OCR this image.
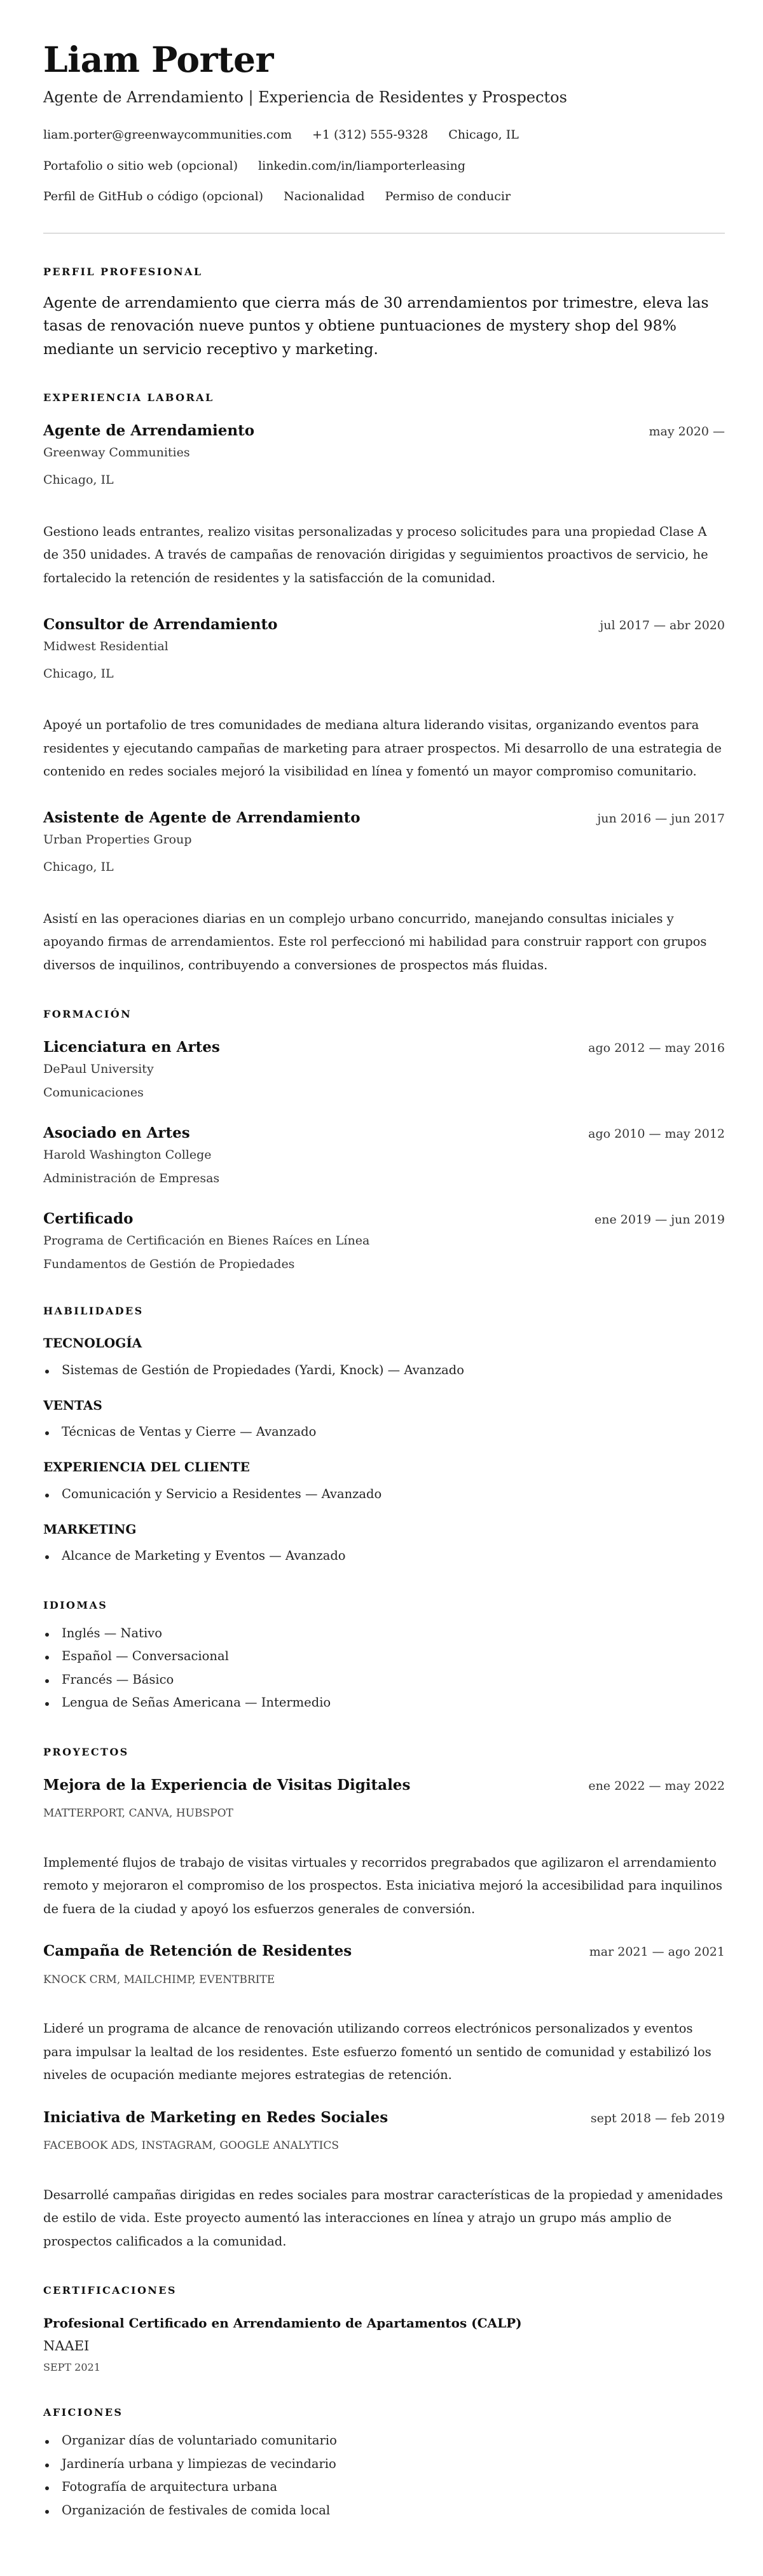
Liam Porter
Agente de Arrendamiento | Experiencia de Residentes y Prospectos
liam.porter@greenwaycommunities.com +1 (312) 555-9328 Chicago, IL
Portafolio o sitio web (opcional) linkedin.com/in/liamporterleasing
Perfil de GitHub o código (opcional) Nacionalidad Permiso de conducir
PERFIL PROFESIONAL

Agente de arrendamiento que cierra más de 30 arrendamientos por trimestre, eleva las tasas de renovación nueve puntos y obtiene puntuaciones de mystery shop del 98% mediante un servicio receptivo y marketing.

EXPERIENCIA LABORAL
Agente de Arrendamiento	may 2020 —
Greenway Communities
Chicago, IL

Gestiono leads entrantes, realizo visitas personalizadas y proceso solicitudes para una propiedad Clase A de 350 unidades. A través de campañas de renovación dirigidas y seguimientos proactivos de servicio, he fortalecido la retención de residentes y la satisfacción de la comunidad.

Consultor de Arrendamiento	jul 2017 — abr 2020
Midwest Residential
Chicago, IL

Apoyé un portafolio de tres comunidades de mediana altura liderando visitas, organizando eventos para residentes y ejecutando campañas de marketing para atraer prospectos. Mi desarrollo de una estrategia de contenido en redes sociales mejoró la visibilidad en línea y fomentó un mayor compromiso comunitario.

Asistente de Agente de Arrendamiento	jun 2016 — jun 2017
Urban Properties Group
Chicago, IL

Asistí en las operaciones diarias en un complejo urbano concurrido, manejando consultas iniciales y apoyando firmas de arrendamientos. Este rol perfeccionó mi habilidad para construir rapport con grupos diversos de inquilinos, contribuyendo a conversiones de prospectos más fluidas.

FORMACIÓN
Licenciatura en Artes	ago 2012 — may 2016
DePaul University
Comunicaciones
Asociado en Artes	ago 2010 — may 2012
Harold Washington College
Administración de Empresas
Certificado	ene 2019 — jun 2019
Programa de Certificación en Bienes Raíces en Línea
Fundamentos de Gestión de Propiedades
HABILIDADES
TECNOLOGÍA
Sistemas de Gestión de Propiedades (Yardi, Knock) — Avanzado
VENTAS
Técnicas de Ventas y Cierre — Avanzado
EXPERIENCIA DEL CLIENTE
Comunicación y Servicio a Residentes — Avanzado
MARKETING
Alcance de Marketing y Eventos — Avanzado
IDIOMAS
Inglés — Nativo
Español — Conversacional
Francés — Básico
Lengua de Señas Americana — Intermedio
PROYECTOS
Mejora de la Experiencia de Visitas Digitales	ene 2022 — may 2022
MATTERPORT, CANVA, HUBSPOT

Implementé flujos de trabajo de visitas virtuales y recorridos pregrabados que agilizaron el arrendamiento remoto y mejoraron el compromiso de los prospectos. Esta iniciativa mejoró la accesibilidad para inquilinos de fuera de la ciudad y apoyó los esfuerzos generales de conversión.

Campaña de Retención de Residentes	mar 2021 — ago 2021
KNOCK CRM, MAILCHIMP, EVENTBRITE

Lideré un programa de alcance de renovación utilizando correos electrónicos personalizados y eventos para impulsar la lealtad de los residentes. Este esfuerzo fomentó un sentido de comunidad y estabilizó los niveles de ocupación mediante mejores estrategias de retención.

Iniciativa de Marketing en Redes Sociales	sept 2018 — feb 2019
FACEBOOK ADS, INSTAGRAM, GOOGLE ANALYTICS

Desarrollé campañas dirigidas en redes sociales para mostrar características de la propiedad y amenidades de estilo de vida. Este proyecto aumentó las interacciones en línea y atrajo un grupo más amplio de prospectos calificados a la comunidad.

CERTIFICACIONES
Profesional Certificado en Arrendamiento de Apartamentos (CALP)
NAAEI
SEPT 2021
AFICIONES
Organizar días de voluntariado comunitario
Jardinería urbana y limpiezas de vecindario
Fotografía de arquitectura urbana
Organización de festivales de comida local
